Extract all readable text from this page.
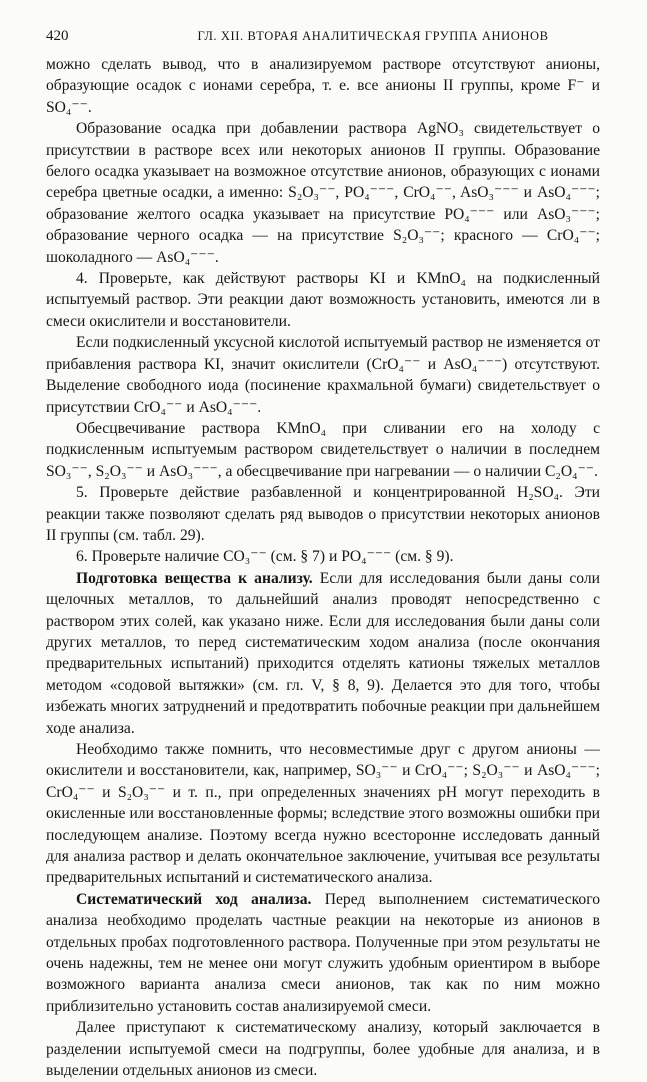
420	ГЛ. XII. ВТОРАЯ АНАЛИТИЧЕСКАЯ ГРУППА АНИОНОВ

можно сделать вывод, что в анализируемом растворе отсутствуют анионы, образующие осадок с ионами серебра, т. е. все анионы II группы, кроме F⁻ и SO₄⁻⁻.

Образование осадка при добавлении раствора AgNO₃ свидетельствует о присутствии в растворе всех или некоторых анионов II группы. Образование белого осадка указывает на возможное отсутствие анионов, образующих с ионами серебра цветные осадки, а именно: S₂O₃⁻⁻, PO₄⁻⁻⁻, CrO₄⁻⁻, AsO₃⁻⁻⁻ и AsO₄⁻⁻⁻; образование желтого осадка указывает на присутствие PO₄⁻⁻⁻ или AsO₃⁻⁻⁻; образование черного осадка — на присутствие S₂O₃⁻⁻; красного — CrO₄⁻⁻; шоколадного — AsO₄⁻⁻⁻.

4. Проверьте, как действуют растворы KI и KMnO₄ на подкисленный испытуемый раствор. Эти реакции дают возможность установить, имеются ли в смеси окислители и восстановители.

Если подкисленный уксусной кислотой испытуемый раствор не изменяется от прибавления раствора KI, значит окислители (CrO₄⁻⁻ и AsO₄⁻⁻⁻) отсутствуют. Выделение свободного иода (посинение крахмальной бумаги) свидетельствует о присутствии CrO₄⁻⁻ и AsO₄⁻⁻⁻.

Обесцвечивание раствора KMnO₄ при сливании его на холоду с подкисленным испытуемым раствором свидетельствует о наличии в последнем SO₃⁻⁻, S₂O₃⁻⁻ и AsO₃⁻⁻⁻, а обесцвечивание при нагревании — о наличии C₂O₄⁻⁻.

5. Проверьте действие разбавленной и концентрированной H₂SO₄. Эти реакции также позволяют сделать ряд выводов о присутствии некоторых анионов II группы (см. табл. 29).

6. Проверьте наличие CO₃⁻⁻ (см. § 7) и PO₄⁻⁻⁻ (см. § 9).

Подготовка вещества к анализу. Если для исследования были даны соли щелочных металлов, то дальнейший анализ проводят непосредственно с раствором этих солей, как указано ниже. Если для исследования были даны соли других металлов, то перед систематическим ходом анализа (после окончания предварительных испытаний) приходится отделять катионы тяжелых металлов методом «содовой вытяжки» (см. гл. V, § 8, 9). Делается это для того, чтобы избежать многих затруднений и предотвратить побочные реакции при дальнейшем ходе анализа.

Необходимо также помнить, что несовместимые друг с другом анионы — окислители и восстановители, как, например, SO₃⁻⁻ и CrO₄⁻⁻; S₂O₃⁻⁻ и AsO₄⁻⁻⁻; CrO₄⁻⁻ и S₂O₃⁻⁻ и т. п., при определенных значениях pH могут переходить в окисленные или восстановленные формы; вследствие этого возможны ошибки при последующем анализе. Поэтому всегда нужно всесторонне исследовать данный для анализа раствор и делать окончательное заключение, учитывая все результаты предварительных испытаний и систематического анализа.

Систематический ход анализа. Перед выполнением систематического анализа необходимо проделать частные реакции на некоторые из анионов в отдельных пробах подготовленного раствора. Полученные при этом результаты не очень надежны, тем не менее они могут служить удобным ориентиром в выборе возможного варианта анализа смеси анионов, так как по ним можно приблизительно установить состав анализируемой смеси.

Далее приступают к систематическому анализу, который заключается в разделении испытуемой смеси на подгруппы, более удобные для анализа, и в выделении отдельных анионов из смеси.
